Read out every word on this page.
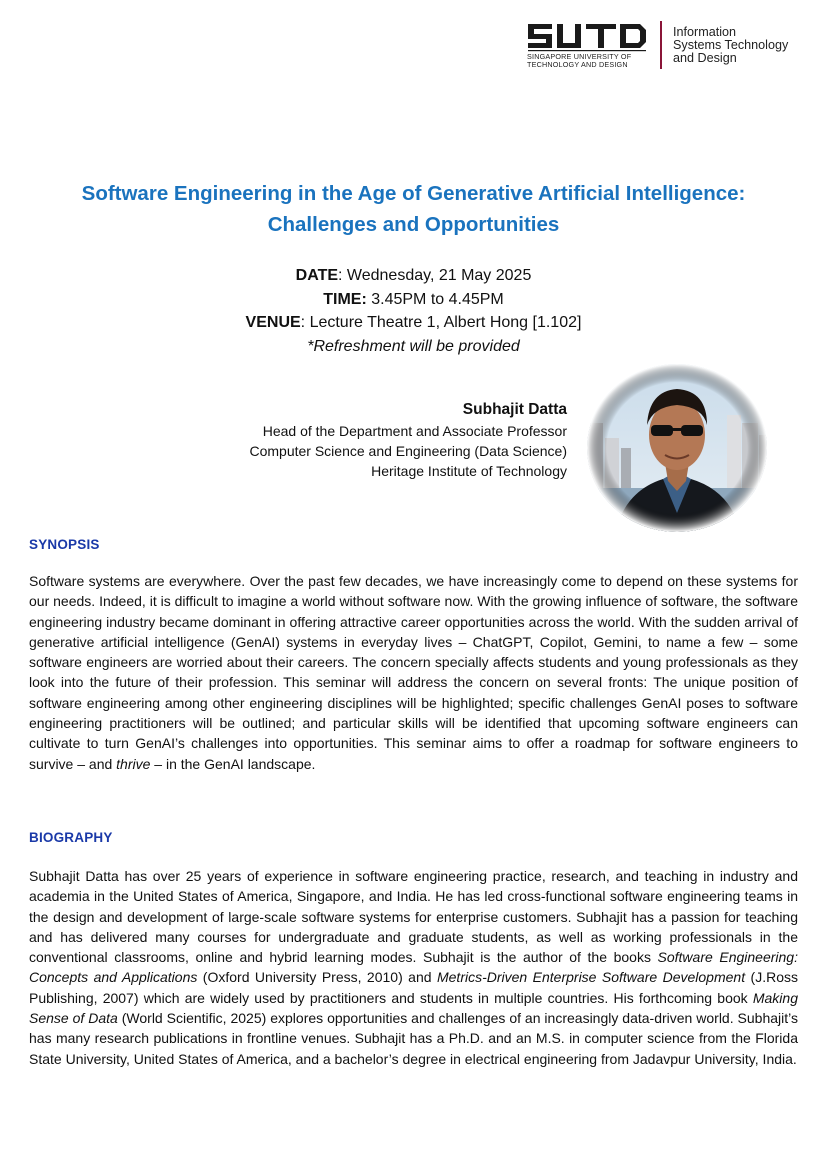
SINGAPORE UNIVERSITY OF
TECHNOLOGY AND DESIGN
Information
Systems Technology
and Design
Software Engineering in the Age of Generative Artificial Intelligence:
Challenges and Opportunities
DATE: Wednesday, 21 May 2025
TIME: 3.45PM to 4.45PM
VENUE: Lecture Theatre 1, Albert Hong [1.102]
*Refreshment will be provided
Subhajit Datta
Head of the Department and Associate Professor
Computer Science and Engineering (Data Science)
Heritage Institute of Technology
SYNOPSIS
Software systems are everywhere. Over the past few decades, we have increasingly come to depend on these systems for our needs. Indeed, it is difficult to imagine a world without software now. With the growing influence of software, the software engineering industry became dominant in offering attractive career opportunities across the world. With the sudden arrival of generative artificial intelligence (GenAI) systems in everyday lives – ChatGPT, Copilot, Gemini, to name a few – some software engineers are worried about their careers. The concern specially affects students and young professionals as they look into the future of their profession. This seminar will address the concern on several fronts: The unique position of software engineering among other engineering disciplines will be highlighted; specific challenges GenAI poses to software engineering practitioners will be outlined; and particular skills will be identified that upcoming software engineers can cultivate to turn GenAI’s challenges into opportunities. This seminar aims to offer a roadmap for software engineers to survive – and thrive – in the GenAI landscape.
BIOGRAPHY
Subhajit Datta has over 25 years of experience in software engineering practice, research, and teaching in industry and academia in the United States of America, Singapore, and India. He has led cross-functional software engineering teams in the design and development of large-scale software systems for enterprise customers. Subhajit has a passion for teaching and has delivered many courses for undergraduate and graduate students, as well as working professionals in the conventional classrooms, online and hybrid learning modes. Subhajit is the author of the books Software Engineering: Concepts and Applications (Oxford University Press, 2010) and Metrics-Driven Enterprise Software Development (J.Ross Publishing, 2007) which are widely used by practitioners and students in multiple countries. His forthcoming book Making Sense of Data (World Scientific, 2025) explores opportunities and challenges of an increasingly data-driven world. Subhajit’s has many research publications in frontline venues. Subhajit has a Ph.D. and an M.S. in computer science from the Florida State University, United States of America, and a bachelor’s degree in electrical engineering from Jadavpur University, India.
